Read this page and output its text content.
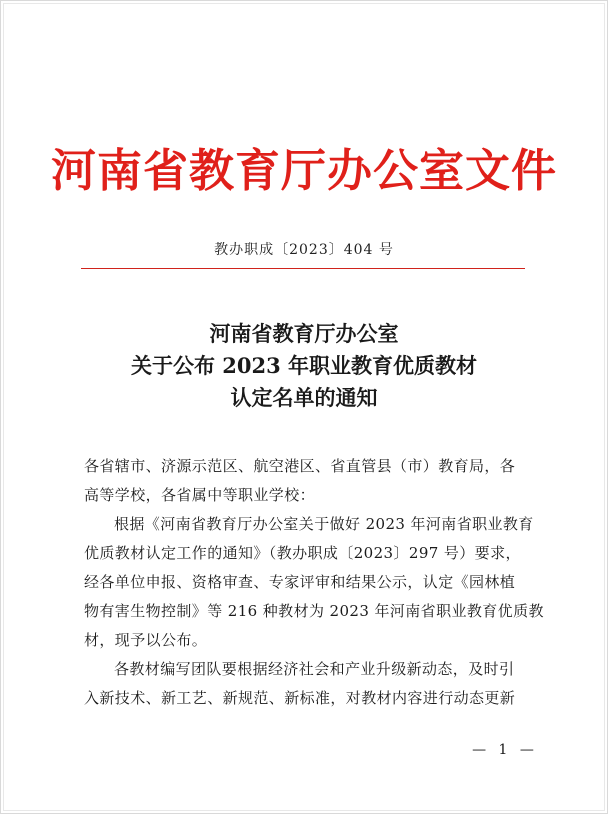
河南省教育厅办公室文件
教办职成〔2023〕404 号
河南省教育厅办公室
关于公布 2023 年职业教育优质教材
认定名单的通知
各省辖市、济源示范区、航空港区、省直管县（市）教育局，各
高等学校，各省属中等职业学校：
根据《河南省教育厅办公室关于做好 2023 年河南省职业教育
优质教材认定工作的通知》（教办职成〔2023〕297 号）要求，
经各单位申报、资格审查、专家评审和结果公示，认定《园林植
物有害生物控制》等 216 种教材为 2023 年河南省职业教育优质教
材，现予以公布。
各教材编写团队要根据经济社会和产业升级新动态，及时引
入新技术、新工艺、新规范、新标准，对教材内容进行动态更新
— 1 —
